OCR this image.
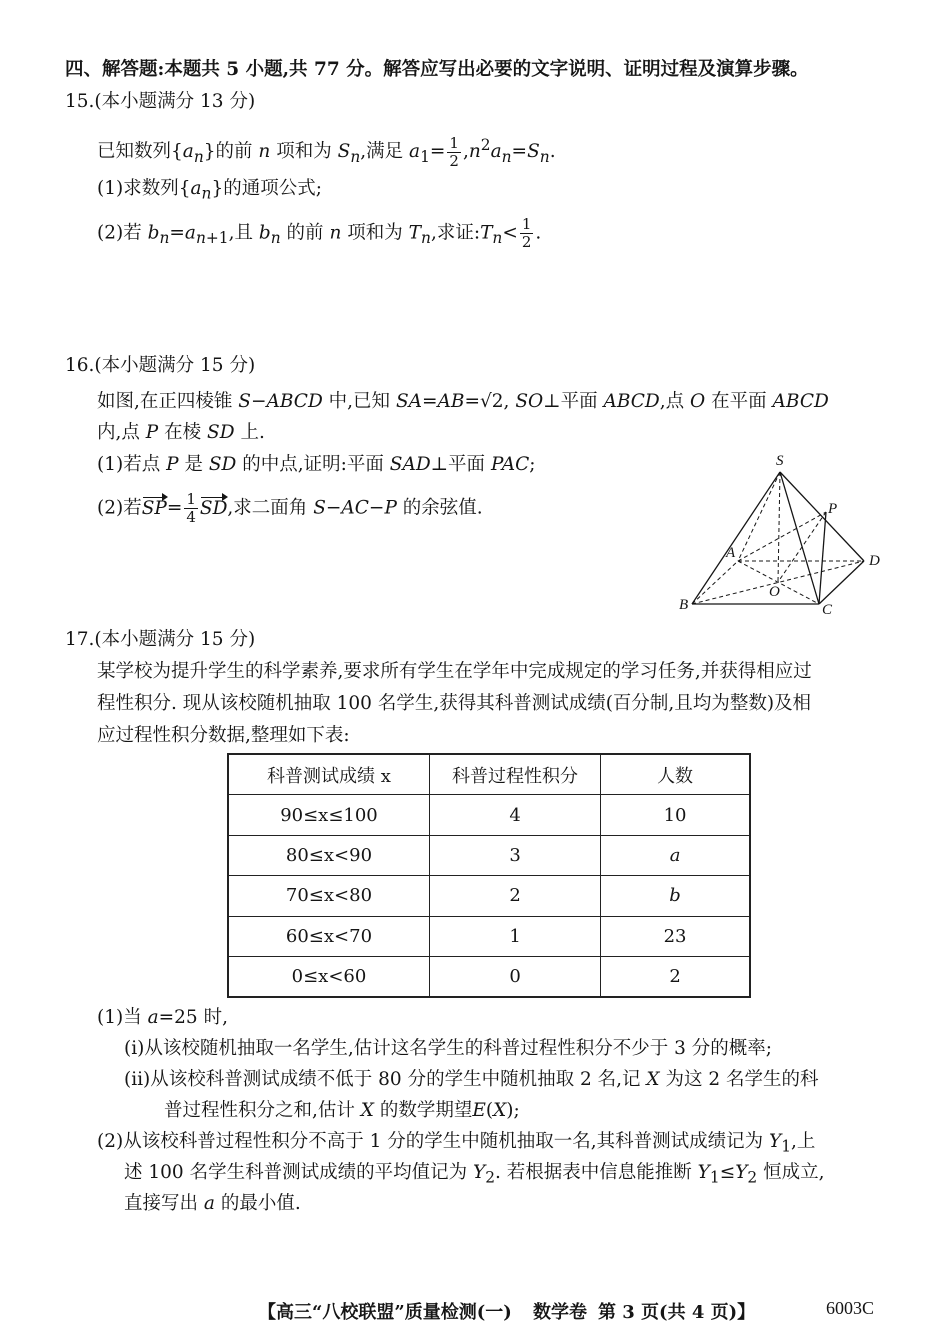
四、解答题:本题共 5 小题,共 77 分。解答应写出必要的文字说明、证明过程及演算步骤。
15.(本小题满分 13 分)
已知数列$\{a_n\}$的前 n 项和为 $S_n$,满足 $a_1= \frac{1}{2} ,n^2a_n=S_n$.
(1)求数列$\{a_n\}$的通项公式;
(2)若 $b_n=a_{n+1}$,且 $b_n$ 的前 n 项和为 $T_n$,求证$:T_n< \frac{1}{2}$ .
16.(本小题满分 15 分)
如图,在正四棱锥 S−ABCD 中,已知 SA=AB=√2, SO⊥平面 ABCD,点 O 在平面 ABCD
内,点 P 在棱 SD 上.
(1)若点 P 是 SD 的中点,证明:平面 SAD⊥平面 PAC;
(2)若$SP= \frac{1}{4}$ SD,求二面角 S−AC−P 的余弦值.
S
P
A	D
O
B	C
17.(本小题满分 15 分)
某学校为提升学生的科学素养,要求所有学生在学年中完成规定的学习任务,并获得相应过
程性积分. 现从该校随机抽取 100 名学生,获得其科普测试成绩(百分制,且均为整数)及相
应过程性积分数据,整理如下表:
科普测试成绩 x	科普过程性积分	人数
90≤x≤100	4	10
80≤x<90	3	a
70≤x<80	2	b
60≤x<70	1	23
0≤x<60	0	2
(1)当 a=25 时,
(ⅰ)从该校随机抽取一名学生,估计这名学生的科普过程性积分不少于 3 分的概率;
(ⅱ)从该校科普测试成绩不低于 80 分的学生中随机抽取 2 名,记 X 为这 2 名学生的科
普过程性积分之和,估计 X 的数学期望E(X);
(2)从该校科普过程性积分不高于 1 分的学生中随机抽取一名,其科普测试成绩记为 $Y_1$,上
述 100 名学生科普测试成绩的平均值记为 $Y_2$. 若根据表中信息能推断 $Y_1\le Y_2$ 恒成立,
直接写出 a 的最小值.
【高三“八校联盟”质量检测(一) 数学卷 第 3 页(共 4 页)】	6003C
